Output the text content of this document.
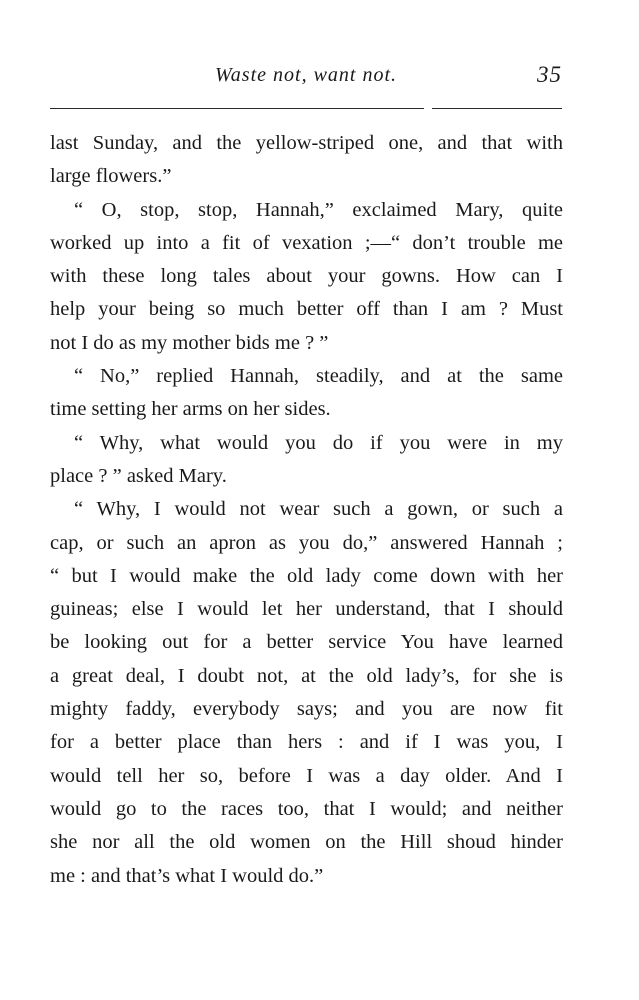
Waste not, want not.	35
last Sunday, and the yellow-striped one, and that with
large flowers.”
“ O, stop, stop, Hannah,” exclaimed Mary, quite
worked up into a fit of vexation ;—“ don’t trouble me
with these long tales about your gowns. How can I
help your being so much better off than I am ? Must
not I do as my mother bids me ? ”
“ No,” replied Hannah, steadily, and at the same
time setting her arms on her sides.
“ Why, what would you do if you were in my
place ? ” asked Mary.
“ Why, I would not wear such a gown, or such a
cap, or such an apron as you do,” answered Hannah ;
“ but I would make the old lady come down with her
guineas; else I would let her understand, that I should
be looking out for a better service You have learned
a great deal, I doubt not, at the old lady’s, for she is
mighty faddy, everybody says; and you are now fit
for a better place than hers : and if I was you, I
would tell her so, before I was a day older. And I
would go to the races too, that I would; and neither
she nor all the old women on the Hill shoud hinder
me : and that’s what I would do.”
